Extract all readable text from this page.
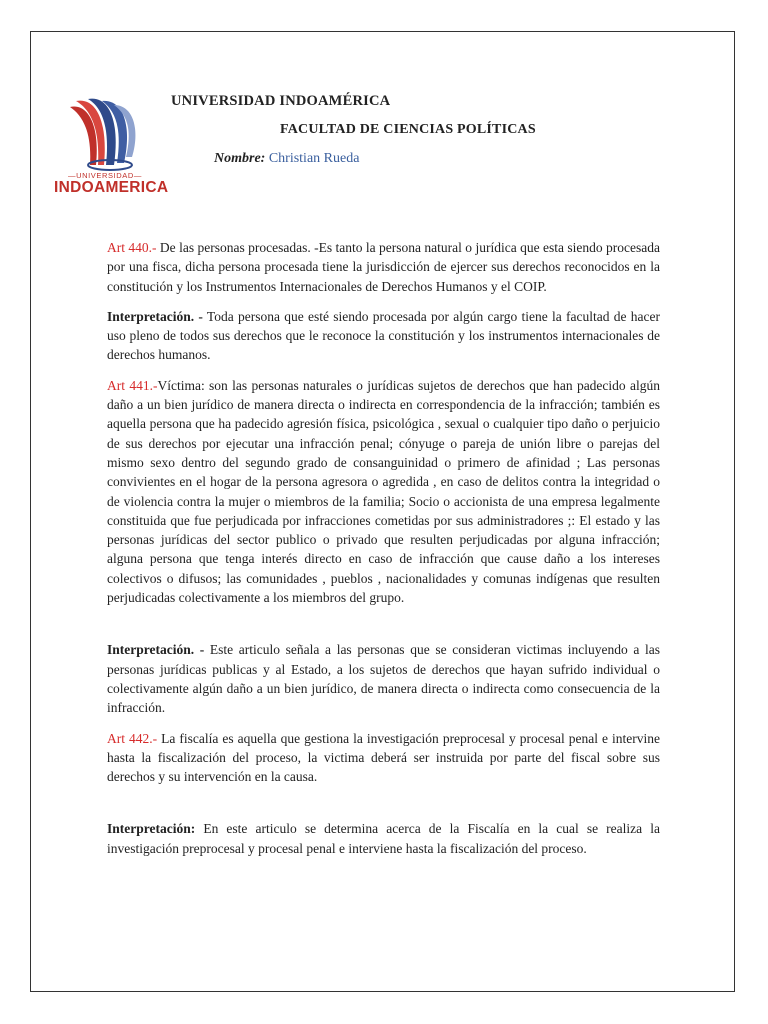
—UNIVERSIDAD—
INDOAMERICA
UNIVERSIDAD INDOAMÉRICA
FACULTAD DE CIENCIAS POLÍTICAS
Nombre: Christian Rueda

Art 440.- De las personas procesadas. -Es tanto la persona natural o jurídica que esta siendo procesada por una fisca, dicha persona procesada tiene la jurisdicción de ejercer sus derechos reconocidos en la constitución y los Instrumentos Internacionales de Derechos Humanos y el COIP.

Interpretación. - Toda persona que esté siendo procesada por algún cargo tiene la facultad de hacer uso pleno de todos sus derechos que le reconoce la constitución y los instrumentos internacionales de derechos humanos.

Art 441.-Víctima: son las personas naturales o jurídicas sujetos de derechos que han padecido algún daño a un bien jurídico de manera directa o indirecta en correspondencia de la infracción; también es aquella persona que ha padecido agresión física, psicológica , sexual o cualquier tipo daño o perjuicio de sus derechos por ejecutar una infracción penal; cónyuge o pareja de unión libre o parejas del mismo sexo dentro del segundo grado de consanguinidad o primero de afinidad ; Las personas convivientes en el hogar de la persona agresora o agredida , en caso de delitos contra la integridad o de violencia contra la mujer o miembros de la familia; Socio o accionista de una empresa legalmente constituida que fue perjudicada por infracciones cometidas por sus administradores ;: El estado y las personas jurídicas del sector publico o privado que resulten perjudicadas por alguna infracción; alguna persona que tenga interés directo en caso de infracción que cause daño a los intereses colectivos o difusos; las comunidades , pueblos , nacionalidades y comunas indígenas que resulten perjudicadas colectivamente a los miembros del grupo.

Interpretación. - Este articulo señala a las personas que se consideran victimas incluyendo a las personas jurídicas publicas y al Estado, a los sujetos de derechos que hayan sufrido individual o colectivamente algún daño a un bien jurídico, de manera directa o indirecta como consecuencia de la infracción.

Art 442.- La fiscalía es aquella que gestiona la investigación preprocesal y procesal penal e intervine hasta la fiscalización del proceso, la victima deberá ser instruida por parte del fiscal sobre sus derechos y su intervención en la causa.

Interpretación: En este articulo se determina acerca de la Fiscalía en la cual se realiza la investigación preprocesal y procesal penal e interviene hasta la fiscalización del proceso.
